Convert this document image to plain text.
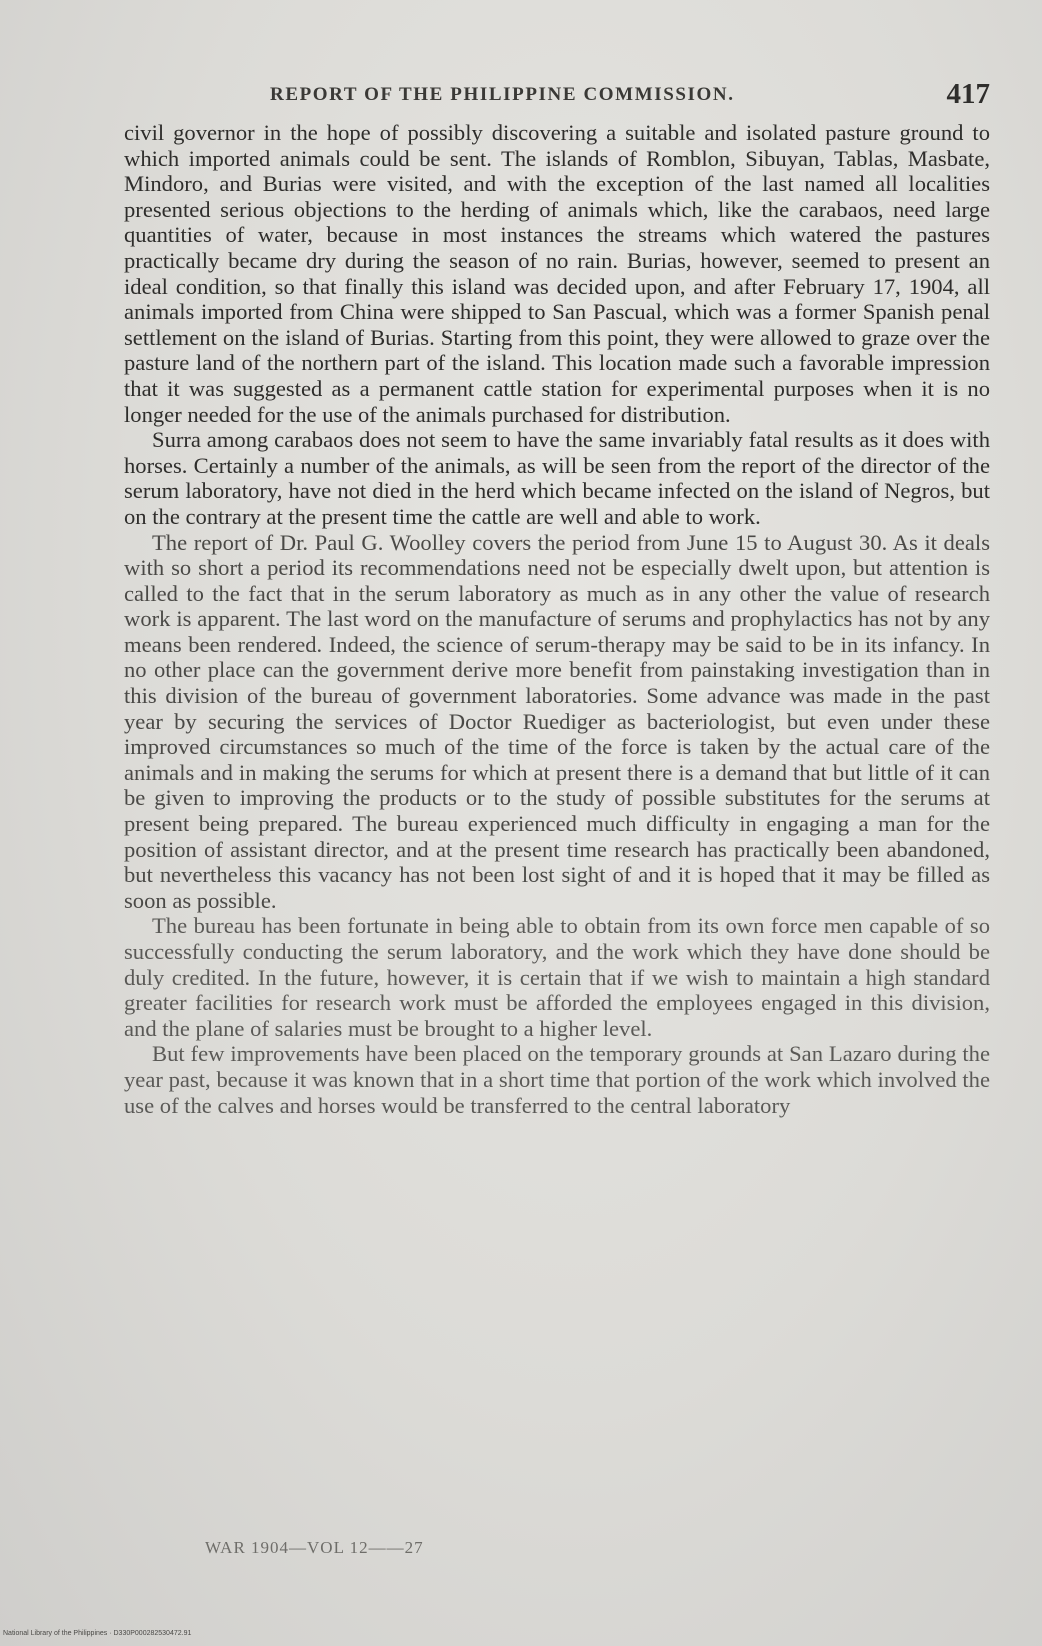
REPORT OF THE PHILIPPINE COMMISSION.	417

civil governor in the hope of possibly discovering a suitable and isolated pasture ground to which imported animals could be sent. The islands of Romblon, Sibuyan, Tablas, Masbate, Mindoro, and Burias were visited, and with the exception of the last named all localities presented serious objections to the herding of animals which, like the carabaos, need large quantities of water, because in most instances the streams which watered the pastures practically became dry during the season of no rain. Burias, however, seemed to present an ideal condition, so that finally this island was decided upon, and after February 17, 1904, all animals imported from China were shipped to San Pascual, which was a former Spanish penal settlement on the island of Burias. Starting from this point, they were allowed to graze over the pasture land of the northern part of the island. This location made such a favorable impression that it was suggested as a permanent cattle station for experimental purposes when it is no longer needed for the use of the animals purchased for distribution.

Surra among carabaos does not seem to have the same invariably fatal results as it does with horses. Certainly a number of the animals, as will be seen from the report of the director of the serum laboratory, have not died in the herd which became infected on the island of Negros, but on the contrary at the present time the cattle are well and able to work.

The report of Dr. Paul G. Woolley covers the period from June 15 to August 30. As it deals with so short a period its recommendations need not be especially dwelt upon, but attention is called to the fact that in the serum laboratory as much as in any other the value of research work is apparent. The last word on the manufacture of serums and prophylactics has not by any means been rendered. Indeed, the science of serum-therapy may be said to be in its infancy. In no other place can the government derive more benefit from painstaking investigation than in this division of the bureau of government laboratories. Some advance was made in the past year by securing the services of Doctor Ruediger as bacteriologist, but even under these improved circumstances so much of the time of the force is taken by the actual care of the animals and in making the serums for which at present there is a demand that but little of it can be given to improving the products or to the study of possible substitutes for the serums at present being prepared. The bureau experienced much difficulty in engaging a man for the position of assistant director, and at the present time research has practically been abandoned, but nevertheless this vacancy has not been lost sight of and it is hoped that it may be filled as soon as possible.

The bureau has been fortunate in being able to obtain from its own force men capable of so successfully conducting the serum laboratory, and the work which they have done should be duly credited. In the future, however, it is certain that if we wish to maintain a high standard greater facilities for research work must be afforded the employees engaged in this division, and the plane of salaries must be brought to a higher level.

But few improvements have been placed on the temporary grounds at San Lazaro during the year past, because it was known that in a short time that portion of the work which involved the use of the calves and horses would be transferred to the central laboratory

WAR 1904—VOL 12——27
National Library of the Philippines · D330P000282530472.91
